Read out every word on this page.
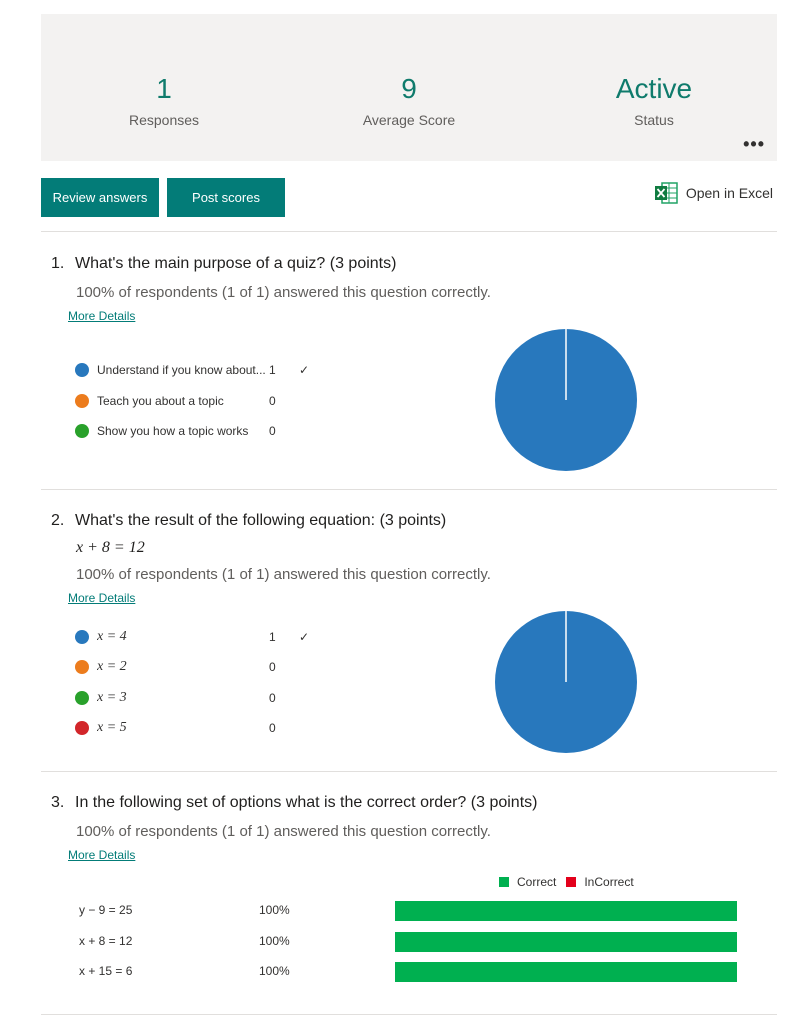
1
Responses
9
Average Score
Active
Status
•••
Review answers	Post scores	Open in Excel
1. What's the main purpose of a quiz? (3 points)
100% of respondents (1 of 1) answered this question correctly.
More Details
Understand if you know about... 1	✓
Teach you about a topic	0
Show you how a topic works	0
2. What's the result of the following equation: (3 points)
x + 8 = 12
100% of respondents (1 of 1) answered this question correctly.
More Details
x = 4	1	✓
x = 2	0
x = 3	0
x = 5	0
3. In the following set of options what is the correct order? (3 points)
100% of respondents (1 of 1) answered this question correctly.
More Details
Correct InCorrect
y − 9 = 25	100%
x + 8 = 12	100%
x + 15 = 6	100%
